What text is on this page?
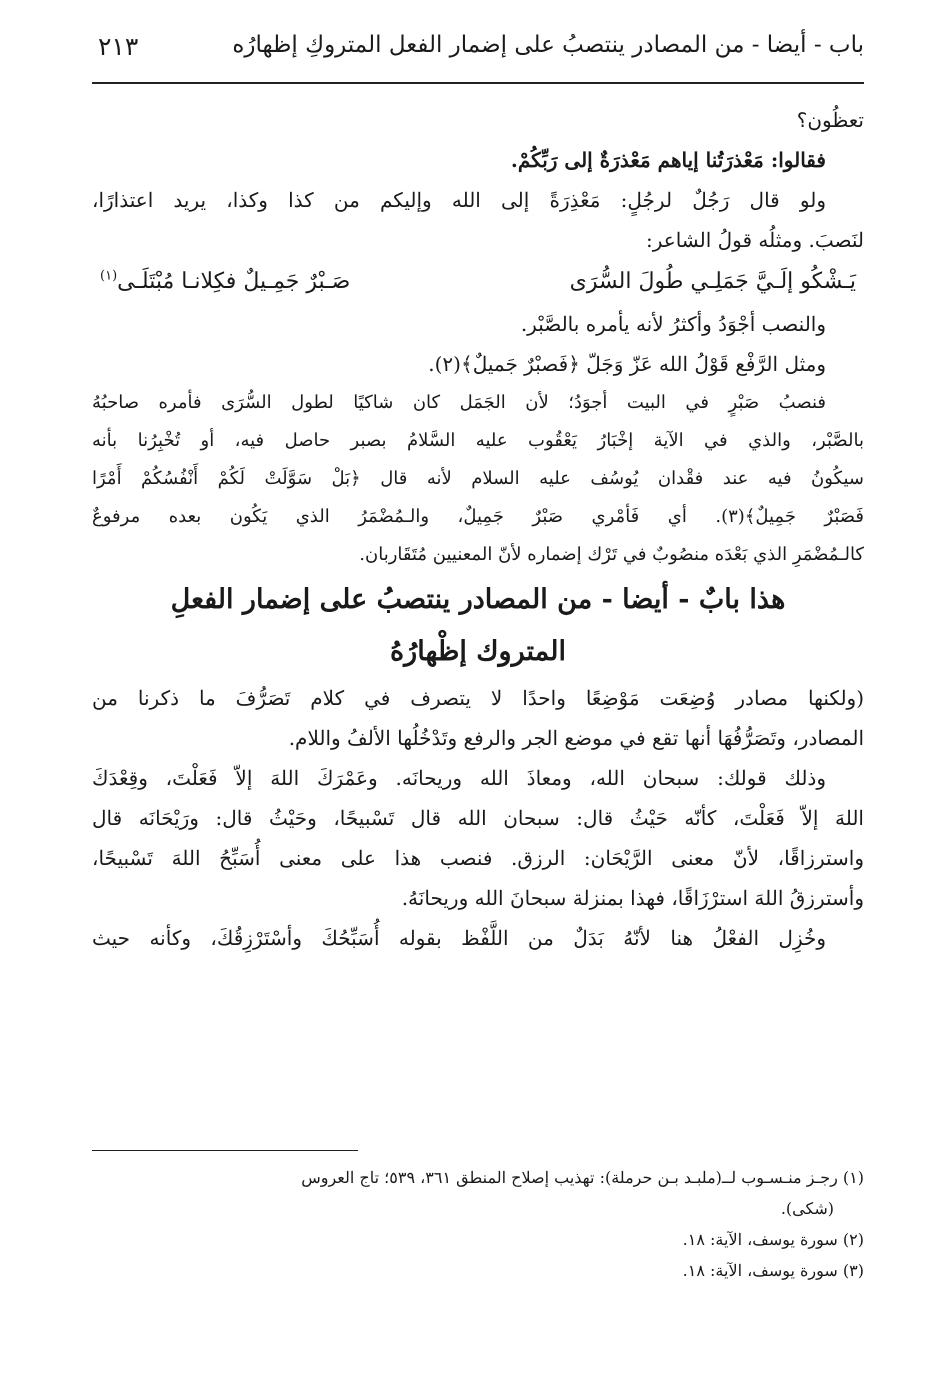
باب - أيضا - من المصادر ينتصبُ على إضمار الفعل المتروكِ إظهارُه
٢١٣
تعظُون؟
فقالوا: مَعْذرَتُنا إياهم مَعْذرَةٌ إلى رَبِّكُمْ.
ولو قال رَجُلٌ لرجُلٍ: مَعْذِرَةً إلى الله وإليكم من كذا وكذا، يريد اعتذارًا،
لنَصبَ. ومثلُه قولُ الشاعر:
يَـشْكُو إلَـيَّ جَمَلِـي طُولَ السُّرَى
صَـبْرٌ جَمِـيلٌ فكِلانـا مُبْتَلَـى$^{(١)}$
والنصب أجْوَدُ وأكثرُ لأنه يأمره بالصَّبْر.
ومثل الرَّفْع قَوْلُ الله عَزّ وَجَلّ ﴿فَصبْرٌ جَميلٌ﴾(٢).
فنصبُ صَبْرٍ في البيت أجوَدُ؛ لأن الجَمَل كان شاكيًا لطول السُّرَى فأمره صاحبُهُ
بالصَّبْر، والذي في الآية إخْبَارُ يَعْقُوب عليه السَّلامُ بصبر حاصل فيه، أو تُخْبِرُنا بأنه
سيكُونُ فيه عند فقْدان يُوسُف عليه السلام لأنه قال ﴿بَلْ سَوَّلَتْ لَكُمْ أَنْفُسُكُمْ أَمْرًا
فَصَبْرٌ جَمِيلٌ﴾(٣). أي فَأمْري صَبْرٌ جَمِيلٌ، والـمُضْمَرُ الذي يَكُون بعده مرفوعٌ
كالـمُضْمَرِ الذي بَعْدَه منصُوبٌ في تَرْك إضماره لأنّ المعنيين مُتَقَاربان.
هذا بابٌ - أيضا - من المصادر ينتصبُ على إضمار الفعلِ
المتروك إظْهارُهُ
(ولكنها مصادر وُضِعَت مَوْضِعًا واحدًا لا يتصرف في كلام تَصَرُّفَ ما ذكرنا من
المصادر، وتَصَرُّفُهَا أنها تقع في موضع الجر والرفع وتَدْخُلُها الألفُ واللام.
وذلك قولك: سبحان الله، ومعاذَ الله وريحانَه. وعَمْرَكَ اللهَ إلاّ فَعَلْتَ، وقِعْدَكَ
اللهَ إلاّ فَعَلْتَ، كأنّه حَيْثُ قال: سبحان الله قال تَسْبيحًا، وحَيْثُ قال: ورَيْحَانَه قال
واسترزاقًا، لأنّ معنى الرَّيْحَان: الرزق. فنصب هذا على معنى أُسَبِّحُ اللهَ تَسْبيحًا،
وأسترزقُ اللهَ استرْزَاقًا، فهذا بمنزلة سبحانَ الله وريحانَهُ.
وخُزِل الفعْلُ هنا لأنّهُ بَدَلٌ من اللَّفْظ بقوله أُسَبِّحُكَ وأسْتَرْزِقُكَ، وكأنه حيث
(١) رجـز منـسـوب لــ(ملبـد بـن حرملة): تهذيب إصلاح المنطق ٣٦١، ٥٣٩؛ تاج العروس
(شكى).
(٢) سورة يوسف، الآية: ١٨.
(٣) سورة يوسف، الآية: ١٨.
